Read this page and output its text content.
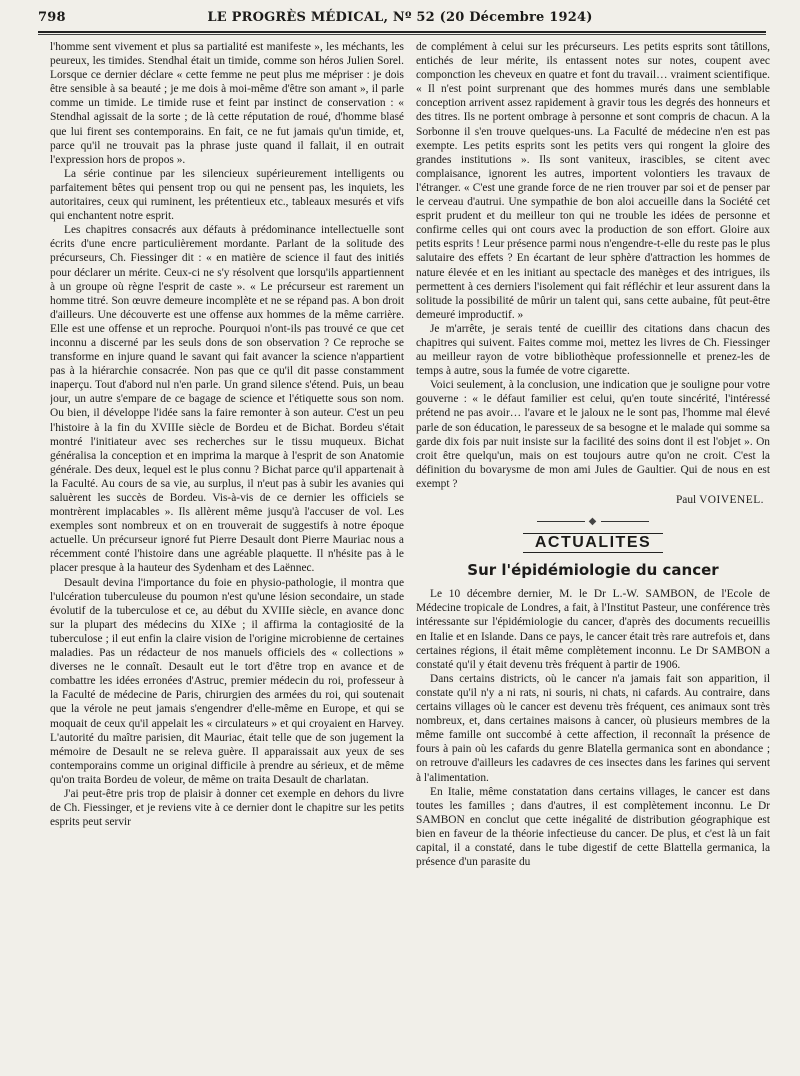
798	LE PROGRÈS MÉDICAL, Nº 52 (20 Décembre 1924)

l'homme sent vivement et plus sa partialité est manifeste », les méchants, les peureux, les timides. Stendhal était un timide, comme son héros Julien Sorel. Lorsque ce dernier déclare « cette femme ne peut plus me mépriser : je dois être sensible à sa beauté ; je me dois à moi-même d'être son amant », il parle comme un timide. Le timide ruse et feint par instinct de conservation : « Stendhal agissait de la sorte ; de là cette réputation de roué, d'homme blasé que lui firent ses contemporains. En fait, ce ne fut jamais qu'un timide, et, parce qu'il ne trouvait pas la phrase juste quand il fallait, il en outrait l'expression hors de propos ».

La série continue par les silencieux supérieurement intelligents ou parfaitement bêtes qui pensent trop ou qui ne pensent pas, les inquiets, les autoritaires, ceux qui ruminent, les prétentieux etc., tableaux mesurés et vifs qui enchantent notre esprit.

Les chapitres consacrés aux défauts à prédominance intellectuelle sont écrits d'une encre particulièrement mordante. Parlant de la solitude des précurseurs, Ch. Fiessinger dit : « en matière de science il faut des initiés pour déclarer un mérite. Ceux-ci ne s'y résolvent que lorsqu'ils appartiennent à un groupe où règne l'esprit de caste ». « Le précurseur est rarement un homme titré. Son œuvre demeure incomplète et ne se répand pas. A bon droit d'ailleurs. Une découverte est une offense aux hommes de la même carrière. Elle est une offense et un reproche. Pourquoi n'ont-ils pas trouvé ce que cet inconnu a discerné par les seuls dons de son observation ? Ce reproche se transforme en injure quand le savant qui fait avancer la science n'appartient pas à la hiérarchie consacrée. Non pas que ce qu'il dit passe constamment inaperçu. Tout d'abord nul n'en parle. Un grand silence s'étend. Puis, un beau jour, un autre s'empare de ce bagage de science et l'étiquette sous son nom. Ou bien, il développe l'idée sans la faire remonter à son auteur. C'est un peu l'histoire à la fin du XVIIIe siècle de Bordeu et de Bichat. Bordeu s'était montré l'initiateur avec ses recherches sur le tissu muqueux. Bichat généralisa la conception et en imprima la marque à l'esprit de son Anatomie générale. Des deux, lequel est le plus connu ? Bichat parce qu'il appartenait à la Faculté. Au cours de sa vie, au surplus, il n'eut pas à subir les avanies qui saluèrent les succès de Bordeu. Vis-à-vis de ce dernier les officiels se montrèrent implacables ». Ils allèrent même jusqu'à l'accuser de vol. Les exemples sont nombreux et on en trouverait de suggestifs à notre époque actuelle. Un précurseur ignoré fut Pierre Desault dont Pierre Mauriac nous a récemment conté l'histoire dans une agréable plaquette. Il n'hésite pas à le placer presque à la hauteur des Sydenham et des Laënnec.

Desault devina l'importance du foie en physio-pathologie, il montra que l'ulcération tuberculeuse du poumon n'est qu'une lésion secondaire, un stade évolutif de la tuberculose et ce, au début du XVIIIe siècle, en avance donc sur la plupart des médecins du XIXe ; il affirma la contagiosité de la tuberculose ; il eut enfin la claire vision de l'origine microbienne de certaines maladies. Pas un rédacteur de nos manuels officiels des « collections » diverses ne le connaît. Desault eut le tort d'être trop en avance et de combattre les idées erronées d'Astruc, premier médecin du roi, professeur à la Faculté de médecine de Paris, chirurgien des armées du roi, qui soutenait que la vérole ne peut jamais s'engendrer d'elle-même en Europe, et qui se moquait de ceux qu'il appelait les « circulateurs » et qui croyaient en Harvey. L'autorité du maître parisien, dit Mauriac, était telle que de son jugement la mémoire de Desault ne se releva guère. Il apparaissait aux yeux de ses contemporains comme un original difficile à prendre au sérieux, et de même qu'on traita Bordeu de voleur, de même on traita Desault de charlatan.

J'ai peut-être pris trop de plaisir à donner cet exemple en dehors du livre de Ch. Fiessinger, et je reviens vite à ce dernier dont le chapitre sur les petits esprits peut servir

de complément à celui sur les précurseurs. Les petits esprits sont tâtillons, entichés de leur mérite, ils entassent notes sur notes, coupent avec componction les cheveux en quatre et font du travail… vraiment scientifique. « Il n'est point surprenant que des hommes murés dans une semblable conception arrivent assez rapidement à gravir tous les degrés des honneurs et des titres. Ils ne portent ombrage à personne et sont compris de chacun. A la Sorbonne il s'en trouve quelques-uns. La Faculté de médecine n'en est pas exempte. Les petits esprits sont les petits vers qui rongent la gloire des grandes institutions ». Ils sont vaniteux, irascibles, se citent avec complaisance, ignorent les autres, importent volontiers les travaux de l'étranger. « C'est une grande force de ne rien trouver par soi et de penser par le cerveau d'autrui. Une sympathie de bon aloi accueille dans la Société cet esprit prudent et du meilleur ton qui ne trouble les idées de personne et confirme celles qui ont cours avec la production de son effort. Gloire aux petits esprits ! Leur présence parmi nous n'engendre-t-elle du reste pas le plus salutaire des effets ? En écartant de leur sphère d'attraction les hommes de nature élevée et en les initiant au spectacle des manèges et des intrigues, ils permettent à ces derniers l'isolement qui fait réfléchir et leur assurent dans la solitude la possibilité de mûrir un talent qui, sans cette aubaine, fût peut-être demeuré improductif. »

Je m'arrête, je serais tenté de cueillir des citations dans chacun des chapitres qui suivent. Faites comme moi, mettez les livres de Ch. Fiessinger au meilleur rayon de votre bibliothèque professionnelle et prenez-les de temps à autre, sous la fumée de votre cigarette.

Voici seulement, à la conclusion, une indication que je souligne pour votre gouverne : « le défaut familier est celui, qu'en toute sincérité, l'intéressé prétend ne pas avoir… l'avare et le jaloux ne le sont pas, l'homme mal élevé parle de son éducation, le paresseux de sa besogne et le malade qui somme sa garde dix fois par nuit insiste sur la facilité des soins dont il est l'objet ». On croit être quelqu'un, mais on est toujours autre qu'on ne croit. C'est la définition du bovarysme de mon ami Jules de Gaultier. Qui de nous en est exempt ?

Paul VOIVENEL.
◆
ACTUALITES
Sur l'épidémiologie du cancer

Le 10 décembre dernier, M. le Dr L.-W. SAMBON, de l'Ecole de Médecine tropicale de Londres, a fait, à l'Institut Pasteur, une conférence très intéressante sur l'épidémiologie du cancer, d'après des documents recueillis en Italie et en Islande. Dans ce pays, le cancer était très rare autrefois et, dans certaines régions, il était même complètement inconnu. Le Dr SAMBON a constaté qu'il y était devenu très fréquent à partir de 1906.

Dans certains districts, où le cancer n'a jamais fait son apparition, il constate qu'il n'y a ni rats, ni souris, ni chats, ni cafards. Au contraire, dans certains villages où le cancer est devenu très fréquent, ces animaux sont très nombreux, et, dans certaines maisons à cancer, où plusieurs membres de la même famille ont succombé à cette affection, il reconnaît la présence de fours à pain où les cafards du genre Blatella germanica sont en abondance ; on retrouve d'ailleurs les cadavres de ces insectes dans les farines qui servent à l'alimentation.

En Italie, même constatation dans certains villages, le cancer est dans toutes les familles ; dans d'autres, il est complètement inconnu. Le Dr SAMBON en conclut que cette inégalité de distribution géographique est bien en faveur de la théorie infectieuse du cancer. De plus, et c'est là un fait capital, il a constaté, dans le tube digestif de cette Blattella germanica, la présence d'un parasite du
